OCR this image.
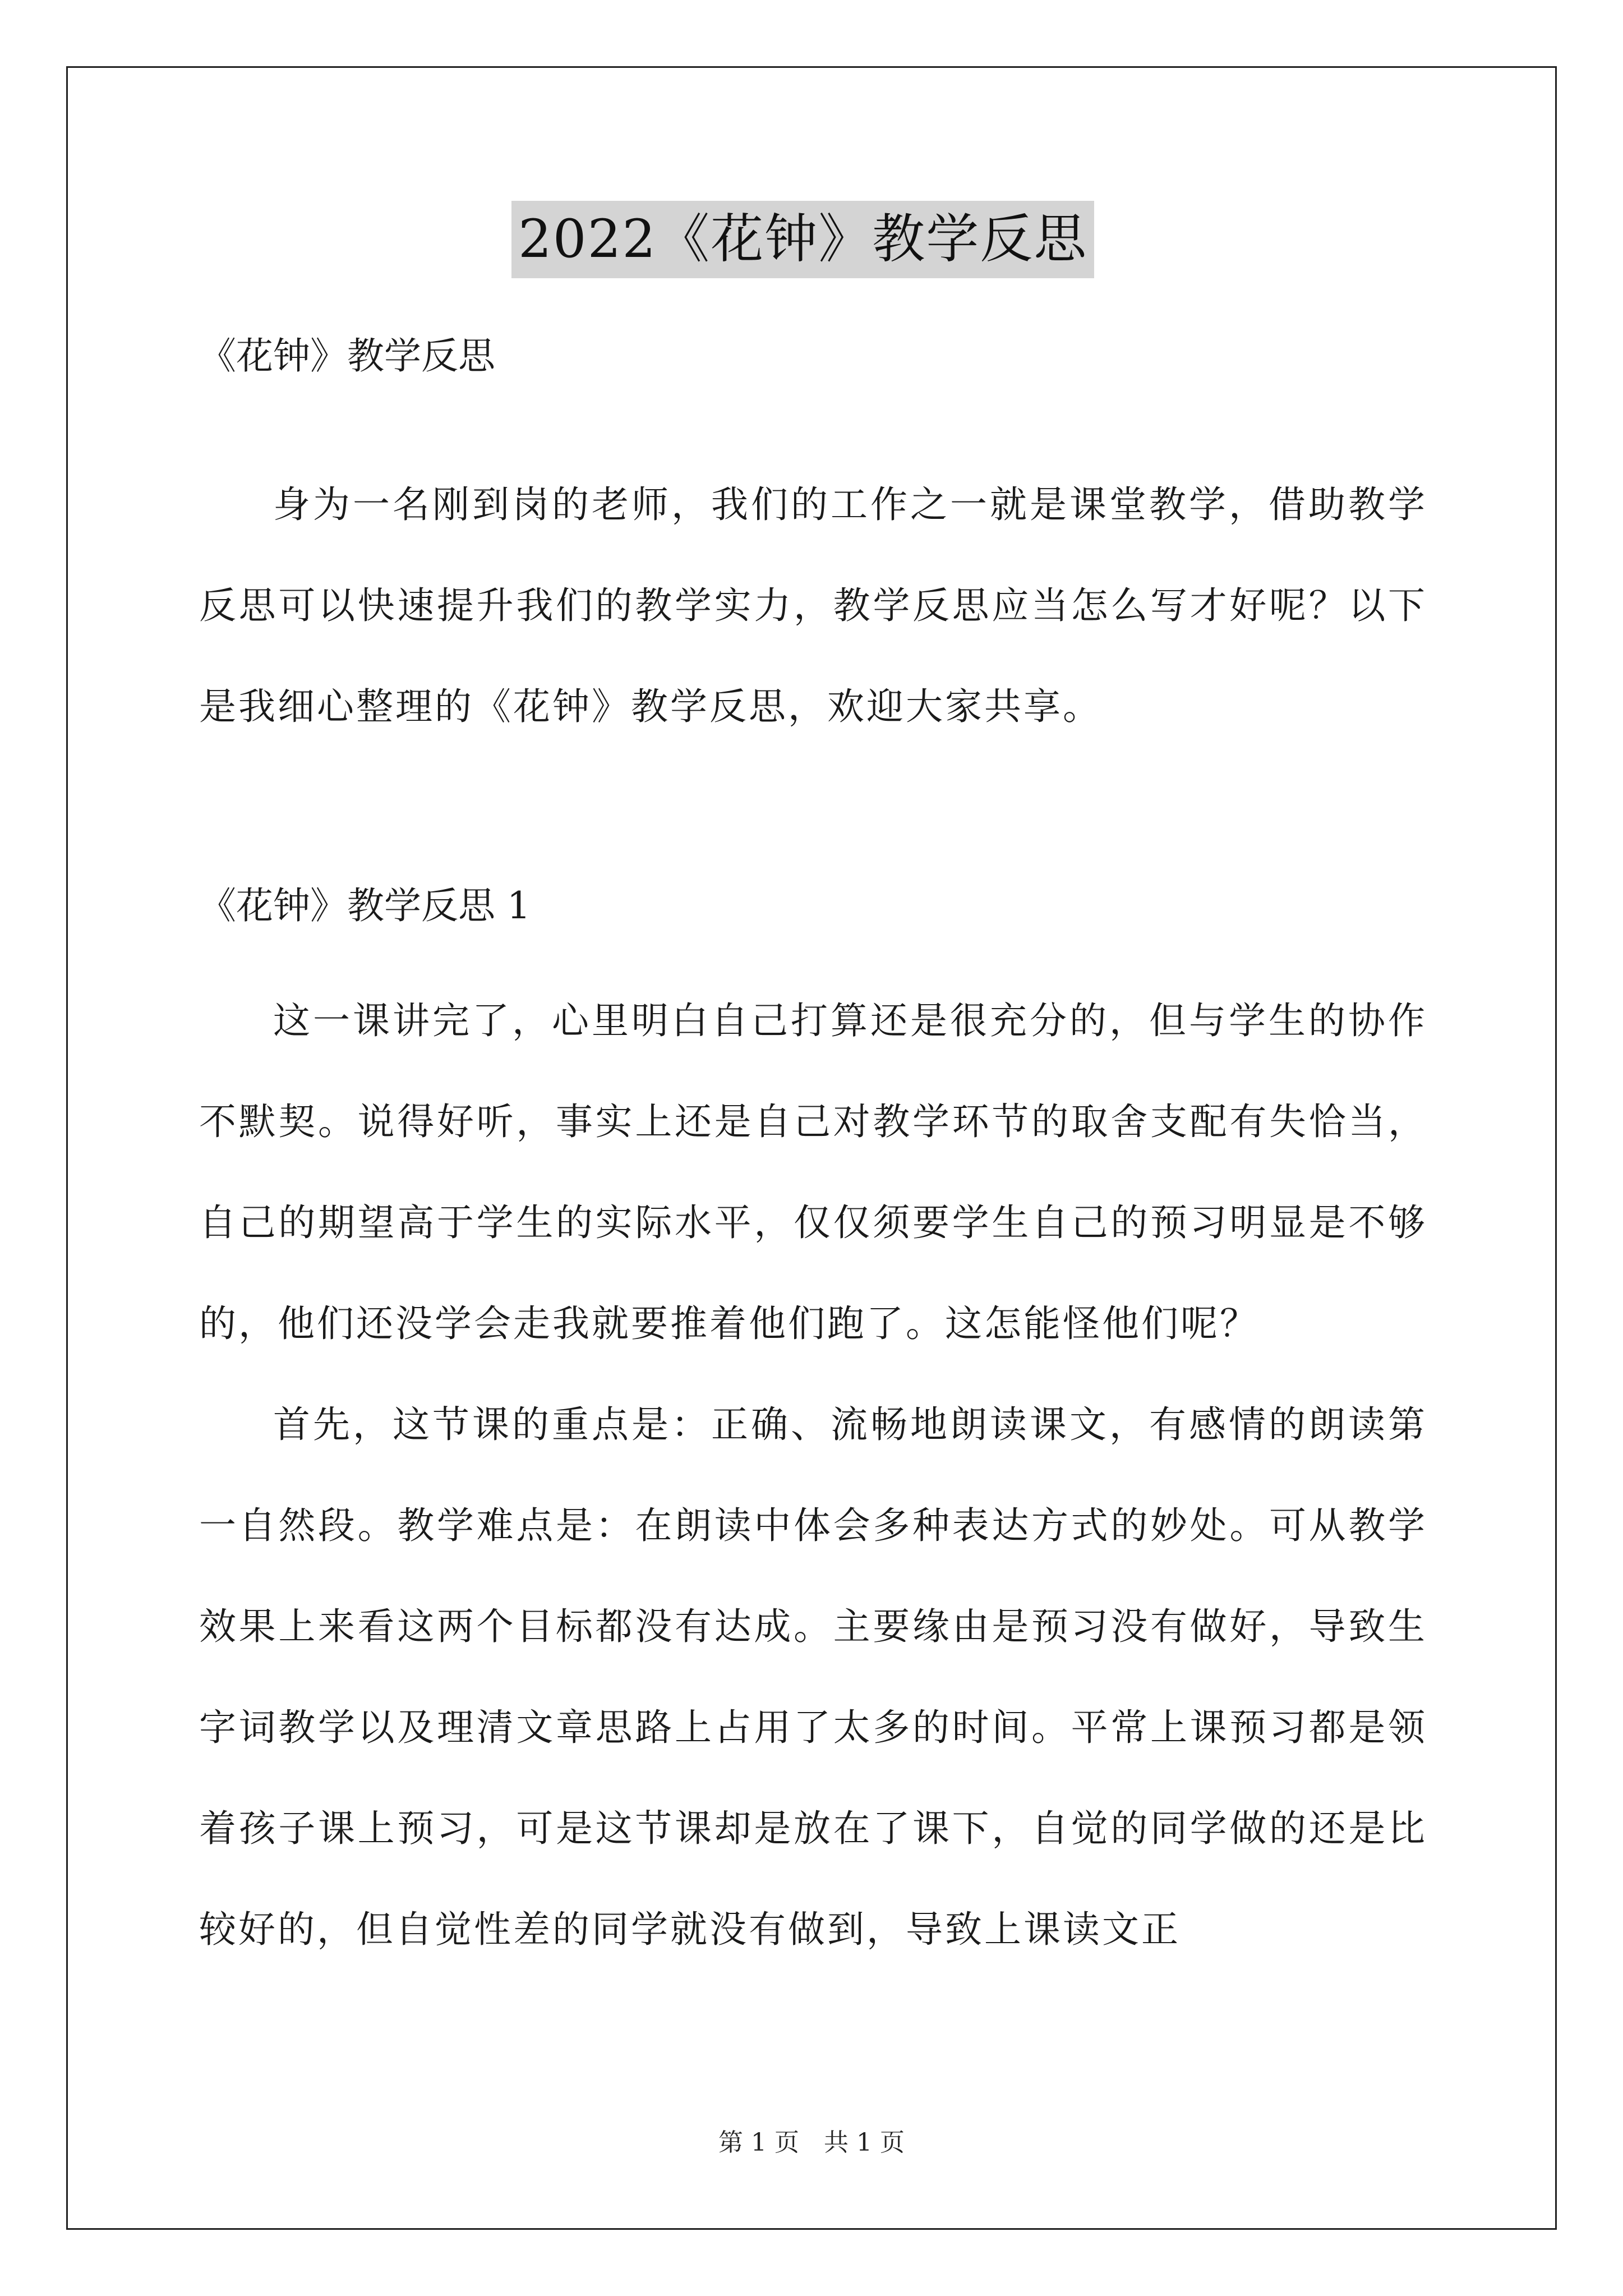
2022《花钟》教学反思

《花钟》教学反思

身为一名刚到岗的老师，我们的工作之一就是课堂教学，借助教学反思可以快速提升我们的教学实力，教学反思应当怎么写才好呢？以下是我细心整理的《花钟》教学反思，欢迎大家共享。

《花钟》教学反思 1

这一课讲完了，心里明白自己打算还是很充分的，但与学生的协作不默契。说得好听，事实上还是自己对教学环节的取舍支配有失恰当，自己的期望高于学生的实际水平，仅仅须要学生自己的预习明显是不够的，他们还没学会走我就要推着他们跑了。这怎能怪他们呢？

首先，这节课的重点是：正确、流畅地朗读课文，有感情的朗读第一自然段。教学难点是：在朗读中体会多种表达方式的妙处。可从教学效果上来看这两个目标都没有达成。主要缘由是预习没有做好，导致生字词教学以及理清文章思路上占用了太多的时间。平常上课预习都是领着孩子课上预习，可是这节课却是放在了课下，自觉的同学做的还是比较好的，但自觉性差的同学就没有做到，导致上课读文正

第 1 页　共 1 页
